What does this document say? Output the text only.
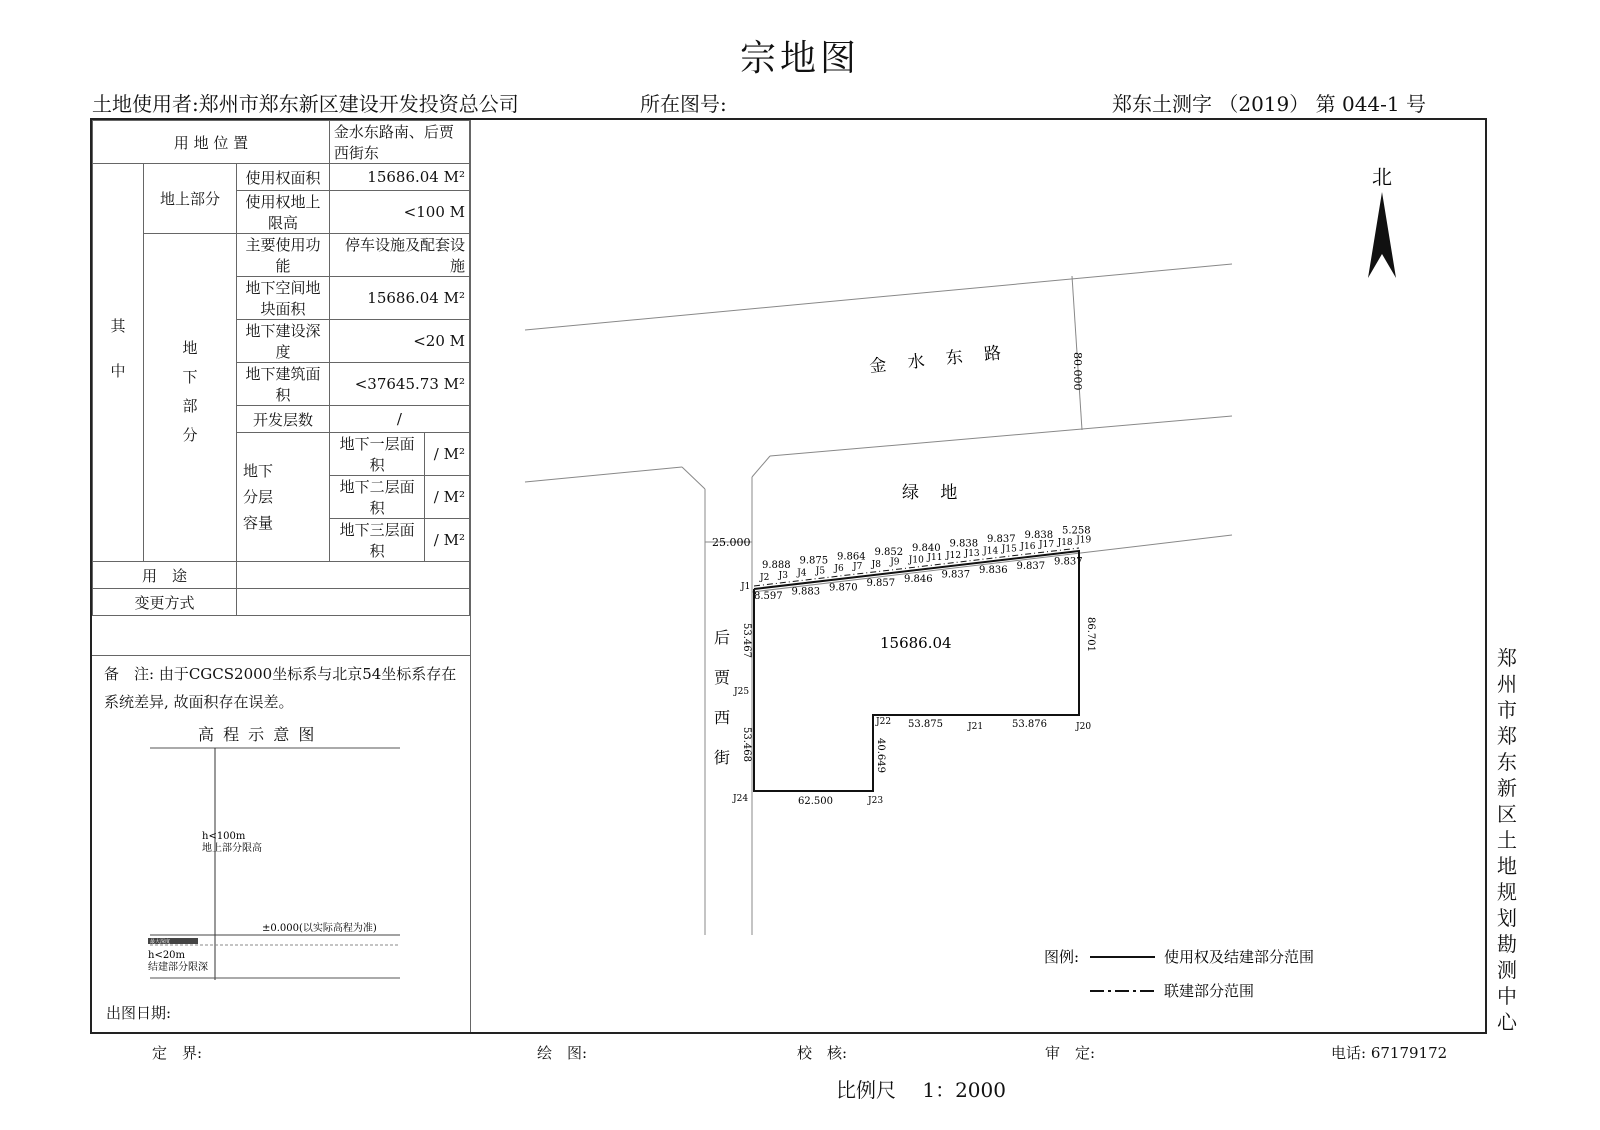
宗地图
土地使用者:郑州市郑东新区建设开发投资总公司	所在图号:	郑东土测字 （2019） 第 044-1 号
用 地 位 置			金水东路南、后贾西街东	
其中	地上部分	使用权面积	15686.04 M²	
		使用权地上限高	<100 M	
	地下部分	主要使用功能	停车设施及配套设施	
		地下空间地块面积	15686.04 M²	
		地下建设深度	<20 M	
		地下建筑面积	<37645.73 M²	
		开发层数	/	

		地下分层容量	地下一层面积	/ M²
			地下二层面积	/ M²
			地下三层面积	/ M²
用　途				
变更方式				
备　注: 由于CGCS2000坐标系与北京54坐标系存在
系统差异, 故面积存在误差。
高 程 示 意 图
最大深度
h<100m
地上部分限高
±0.000(以实际高程为准)
h<20m
结建部分限深
出图日期:
北
80.000
金 水 东 路
绿 地
25.000
后
贾
西
街
15686.04
J2 J3 J4 J5 J6 J7 J8 J9 J10 J11 J12 J13 J14 J15 J16 J17 J18 J19
J1
J20
J21
J22
J23
J24
J25
9.888 9.875 9.864 9.852 9.840 9.838 9.837 9.838 5.258
8.597 9.883 9.870 9.857 9.846 9.837 9.836 9.837 9.837
86.701
53.876
53.875
40.649
62.500
53.468
53.467
图例:	使用权及结建部分范围
联建部分范围
郑
州
市
郑
东
新
区
土
地
规
划
勘
测
中
心
定　界:	绘　图:	校　核:	审　定:	电话: 67179172
比例尺　 1：2000
